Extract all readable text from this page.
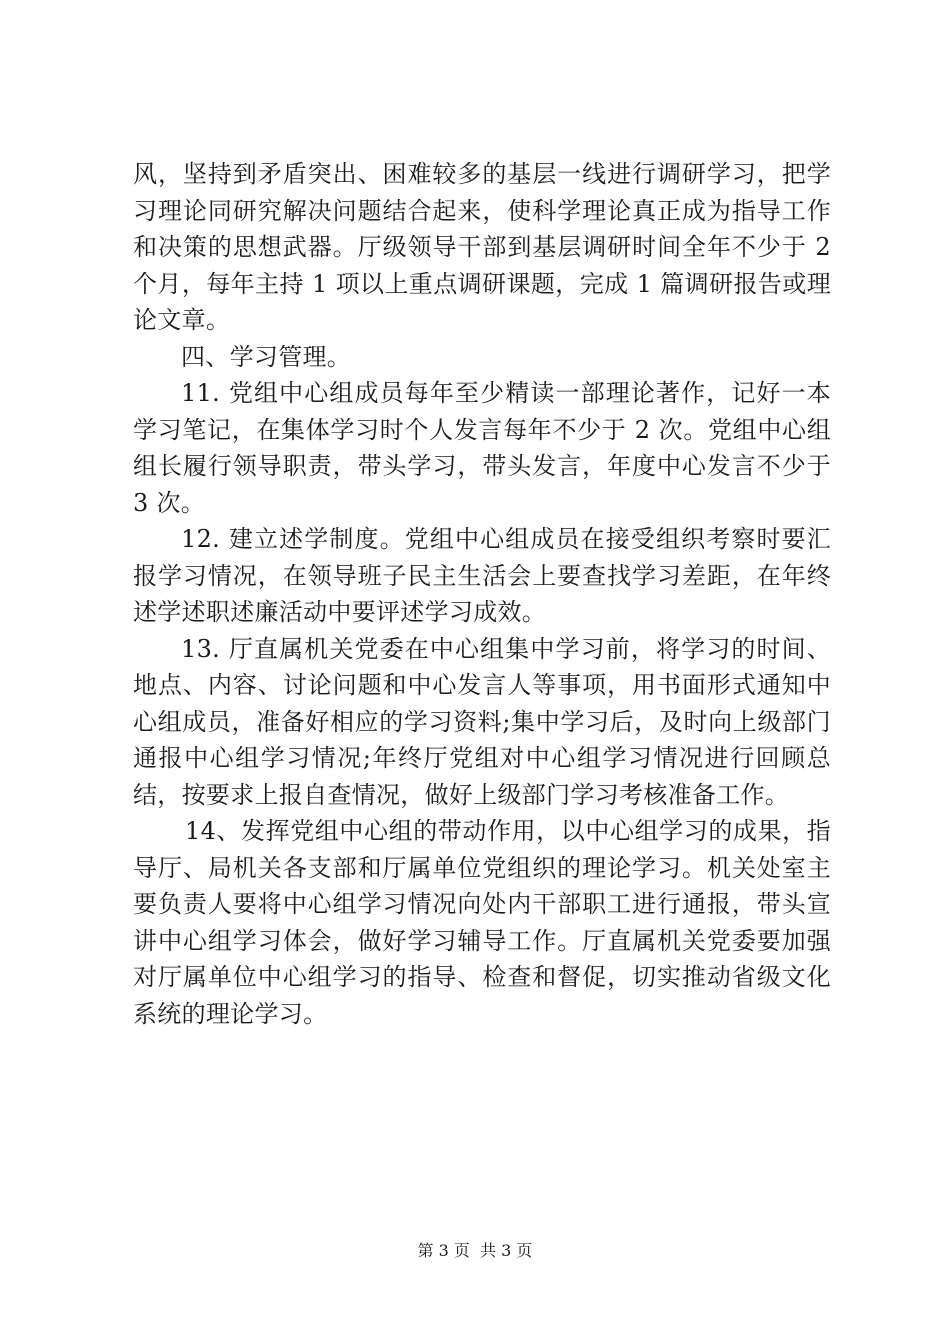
风，坚持到矛盾突出、困难较多的基层一线进行调研学习，把学习理论同研究解决问题结合起来，使科学理论真正成为指导工作和决策的思想武器。厅级领导干部到基层调研时间全年不少于 2 个月，每年主持 1 项以上重点调研课题，完成 1 篇调研报告或理论文章。

四、学习管理。

11. 党组中心组成员每年至少精读一部理论著作，记好一本学习笔记，在集体学习时个人发言每年不少于 2 次。党组中心组组长履行领导职责，带头学习，带头发言，年度中心发言不少于 3 次。

12. 建立述学制度。党组中心组成员在接受组织考察时要汇报学习情况，在领导班子民主生活会上要查找学习差距，在年终述学述职述廉活动中要评述学习成效。

13. 厅直属机关党委在中心组集中学习前，将学习的时间、地点、内容、讨论问题和中心发言人等事项，用书面形式通知中心组成员，准备好相应的学习资料;集中学习后，及时向上级部门通报中心组学习情况;年终厅党组对中心组学习情况进行回顾总结，按要求上报自查情况，做好上级部门学习考核准备工作。

14、发挥党组中心组的带动作用，以中心组学习的成果，指导厅、局机关各支部和厅属单位党组织的理论学习。机关处室主要负责人要将中心组学习情况向处内干部职工进行通报，带头宣讲中心组学习体会，做好学习辅导工作。厅直属机关党委要加强对厅属单位中心组学习的指导、检查和督促，切实推动省级文化系统的理论学习。

第 3 页  共 3 页
